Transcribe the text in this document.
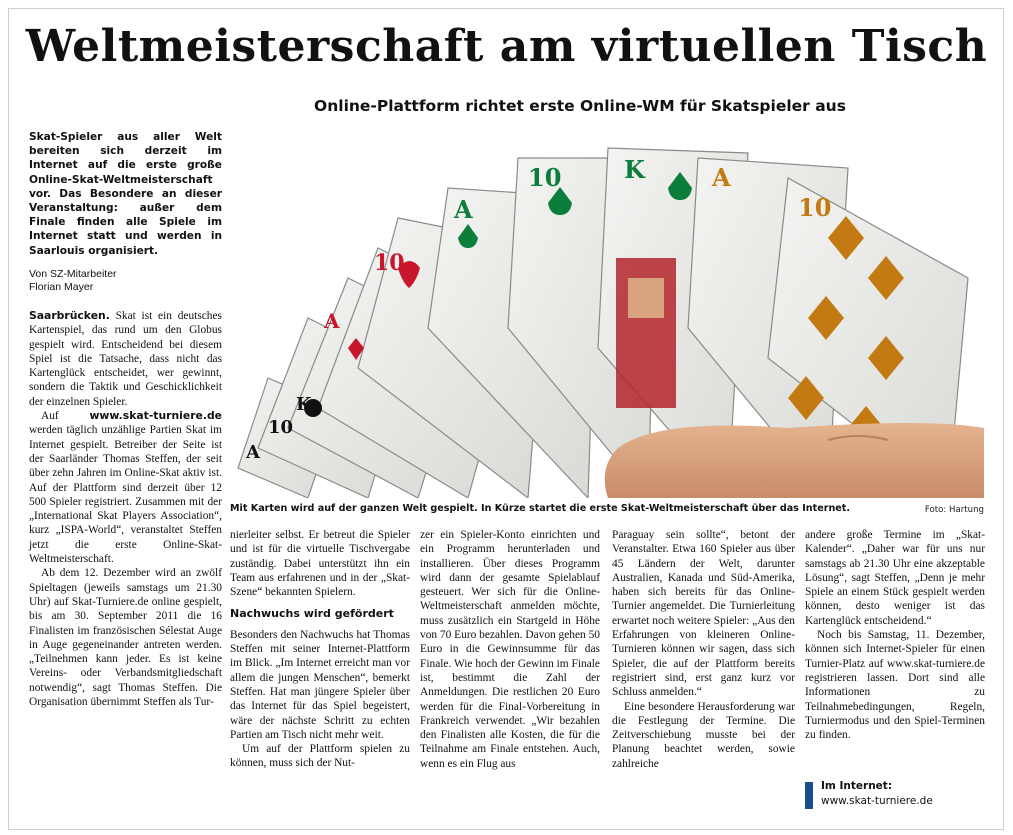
Weltmeisterschaft am virtuellen Tisch
Online-Plattform richtet erste Online-WM für Skatspieler aus
Skat-Spieler aus aller Welt bereiten sich derzeit im Internet auf die erste große Online-Skat-Weltmeisterschaft vor. Das Besondere an dieser Veranstaltung: außer dem Finale finden alle Spiele im Internet statt und werden in Saarlouis organisiert.
Von SZ-Mitarbeiter
Florian Mayer
A
10
K
A
10
A
10	K	A
10
Mit Karten wird auf der ganzen Welt gespielt. In Kürze startet die erste Skat-Weltmeisterschaft über das Internet.	Foto: Hartung

Saarbrücken. Skat ist ein deutsches Kartenspiel, das rund um den Globus gespielt wird. Entscheidend bei diesem Spiel ist die Tatsache, dass nicht das Kartenglück entscheidet, wer gewinnt, sondern die Taktik und Geschicklichkeit der einzelnen Spieler.

Auf www.skat-turniere.de werden täglich unzählige Partien Skat im Internet gespielt. Betreiber der Seite ist der Saarländer Thomas Steffen, der seit über zehn Jahren im Online-Skat aktiv ist. Auf der Plattform sind derzeit über 12 500 Spieler registriert. Zusammen mit der „International Skat Players Association“, kurz „ISPA-World“, veranstaltet Steffen jetzt die erste Online-Skat-Weltmeisterschaft.

Ab dem 12. Dezember wird an zwölf Spieltagen (jeweils samstags um 21.30 Uhr) auf Skat-Turniere.de online gespielt, bis am 30. September 2011 die 16 Finalisten im französischen Sélestat Auge in Auge gegeneinander antreten werden. „Teilnehmen kann jeder. Es ist keine Vereins- oder Verbandsmitgliedschaft notwendig“, sagt Thomas Steffen. Die Organisation übernimmt Steffen als Tur-

nierleiter selbst. Er betreut die Spieler und ist für die virtuelle Tischvergabe zuständig. Dabei unterstützt ihn ein Team aus erfahrenen und in der „Skat-Szene“ bekannten Spielern.

Nachwuchs wird gefördert

Besonders den Nachwuchs hat Thomas Steffen mit seiner Internet-Plattform im Blick. „Im Internet erreicht man vor allem die jungen Menschen“, bemerkt Steffen. Hat man jüngere Spieler über das Internet für das Spiel begeistert, wäre der nächste Schritt zu echten Partien am Tisch nicht mehr weit.

Um auf der Plattform spielen zu können, muss sich der Nut-

zer ein Spieler-Konto einrichten und ein Programm herunterladen und installieren. Über dieses Programm wird dann der gesamte Spielablauf gesteuert. Wer sich für die Online-Weltmeisterschaft anmelden möchte, muss zusätzlich ein Startgeld in Höhe von 70 Euro bezahlen. Davon gehen 50 Euro in die Gewinnsumme für das Finale. Wie hoch der Gewinn im Finale ist, bestimmt die Zahl der Anmeldungen. Die restlichen 20 Euro werden für die Final-Vorbereitung in Frankreich verwendet. „Wir bezahlen den Finalisten alle Kosten, die für die Teilnahme am Finale entstehen. Auch, wenn es ein Flug aus

Paraguay sein sollte“, betont der Veranstalter. Etwa 160 Spieler aus über 45 Ländern der Welt, darunter Australien, Kanada und Süd-Amerika, haben sich bereits für das Online-Turnier angemeldet. Die Turnierleitung erwartet noch weitere Spieler: „Aus den Erfahrungen von kleineren Online-Turnieren können wir sagen, dass sich Spieler, die auf der Plattform bereits registriert sind, erst ganz kurz vor Schluss anmelden.“

Eine besondere Herausforderung war die Festlegung der Termine. Die Zeitverschiebung musste bei der Planung beachtet werden, sowie zahlreiche

andere große Termine im „Skat-Kalender“. „Daher war für uns nur samstags ab 21.30 Uhr eine akzeptable Lösung“, sagt Steffen, „Denn je mehr Spiele an einem Stück gespielt werden können, desto weniger ist das Kartenglück entscheidend.“

Noch bis Samstag, 11. Dezember, können sich Internet-Spieler für einen Turnier-Platz auf www.skat-turniere.de registrieren lassen. Dort sind alle Informationen zu Teilnahmebedingungen, Regeln, Turniermodus und den Spiel-Terminen zu finden.

Im Internet:
www.skat-turniere.de
